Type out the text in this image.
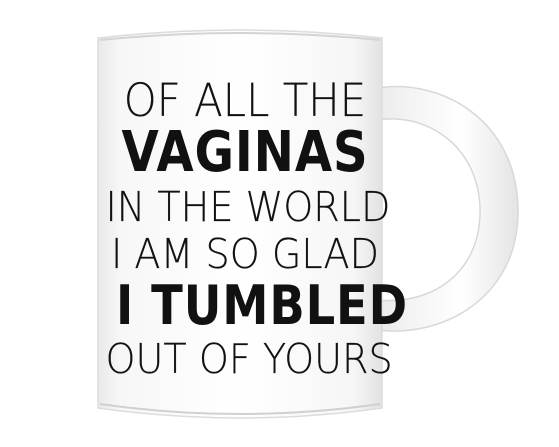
OF ALL THE
VAGINAS
IN THE WORLD
I AM SO GLAD
I TUMBLED
OUT OF YOURS
